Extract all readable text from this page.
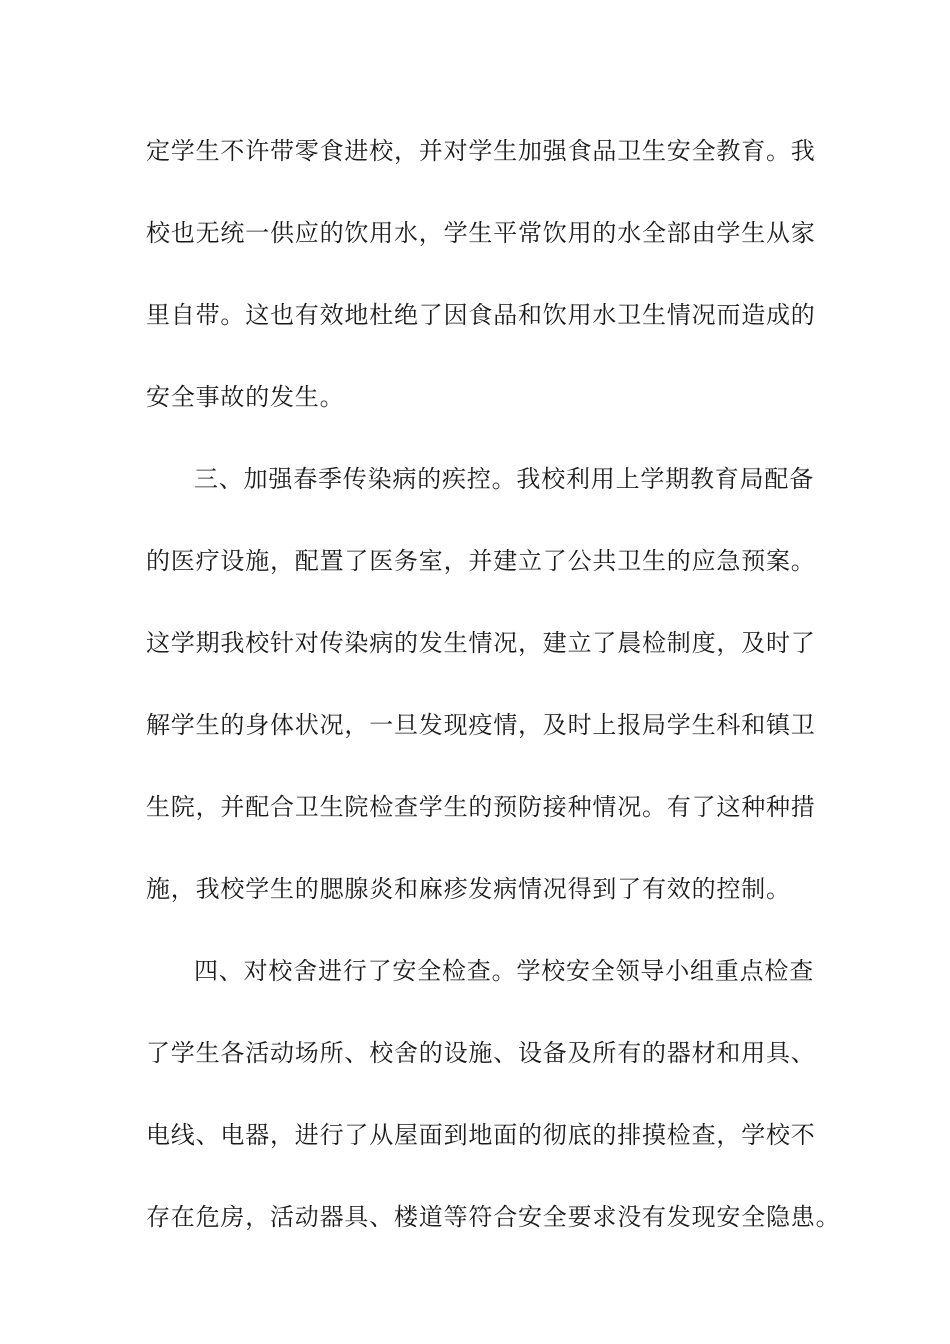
定学生不许带零食进校，并对学生加强食品卫生安全教育。我
校也无统一供应的饮用水，学生平常饮用的水全部由学生从家
里自带。这也有效地杜绝了因食品和饮用水卫生情况而造成的
安全事故的发生。
三、加强春季传染病的疾控。我校利用上学期教育局配备
的医疗设施，配置了医务室，并建立了公共卫生的应急预案。
这学期我校针对传染病的发生情况，建立了晨检制度，及时了
解学生的身体状况，一旦发现疫情，及时上报局学生科和镇卫
生院，并配合卫生院检查学生的预防接种情况。有了这种种措
施，我校学生的腮腺炎和麻疹发病情况得到了有效的控制。
四、对校舍进行了安全检查。学校安全领导小组重点检查
了学生各活动场所、校舍的设施、设备及所有的器材和用具、
电线、电器，进行了从屋面到地面的彻底的排摸检查，学校不
存在危房，活动器具、楼道等符合安全要求没有发现安全隐患。
